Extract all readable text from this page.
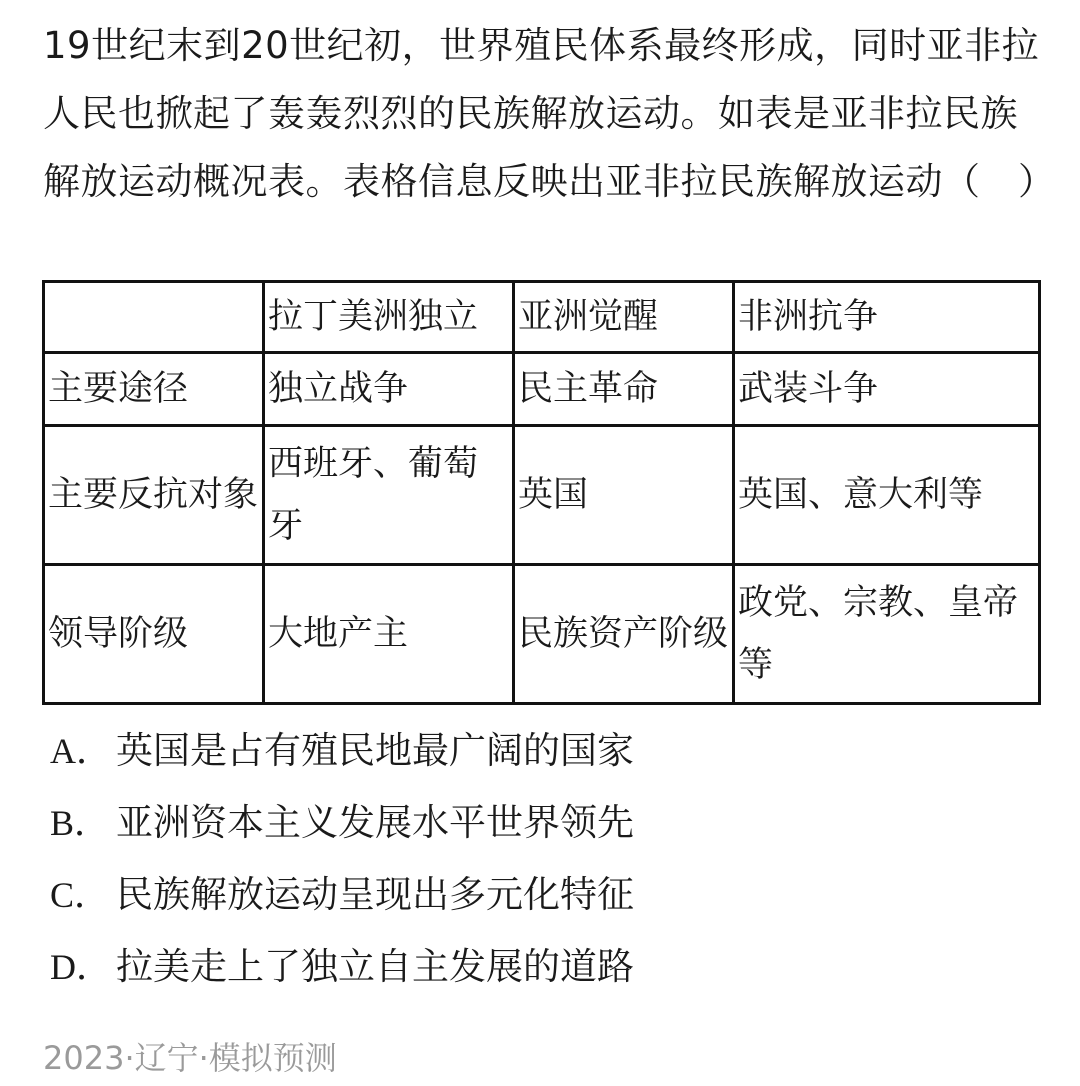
19世纪末到20世纪初，世界殖民体系最终形成，同时亚非拉人民也掀起了轰轰烈烈的民族解放运动。如表是亚非拉民族解放运动概况表。表格信息反映出亚非拉民族解放运动（　）
	拉丁美洲独立	亚洲觉醒	非洲抗争
主要途径	独立战争	民主革命	武装斗争
主要反抗对象	西班牙、葡萄牙	英国	英国、意大利等
领导阶级	大地产主	民族资产阶级	政党、宗教、皇帝等
A． 英国是占有殖民地最广阔的国家
B． 亚洲资本主义发展水平世界领先
C． 民族解放运动呈现出多元化特征
D． 拉美走上了独立自主发展的道路
2023·辽宁·模拟预测
